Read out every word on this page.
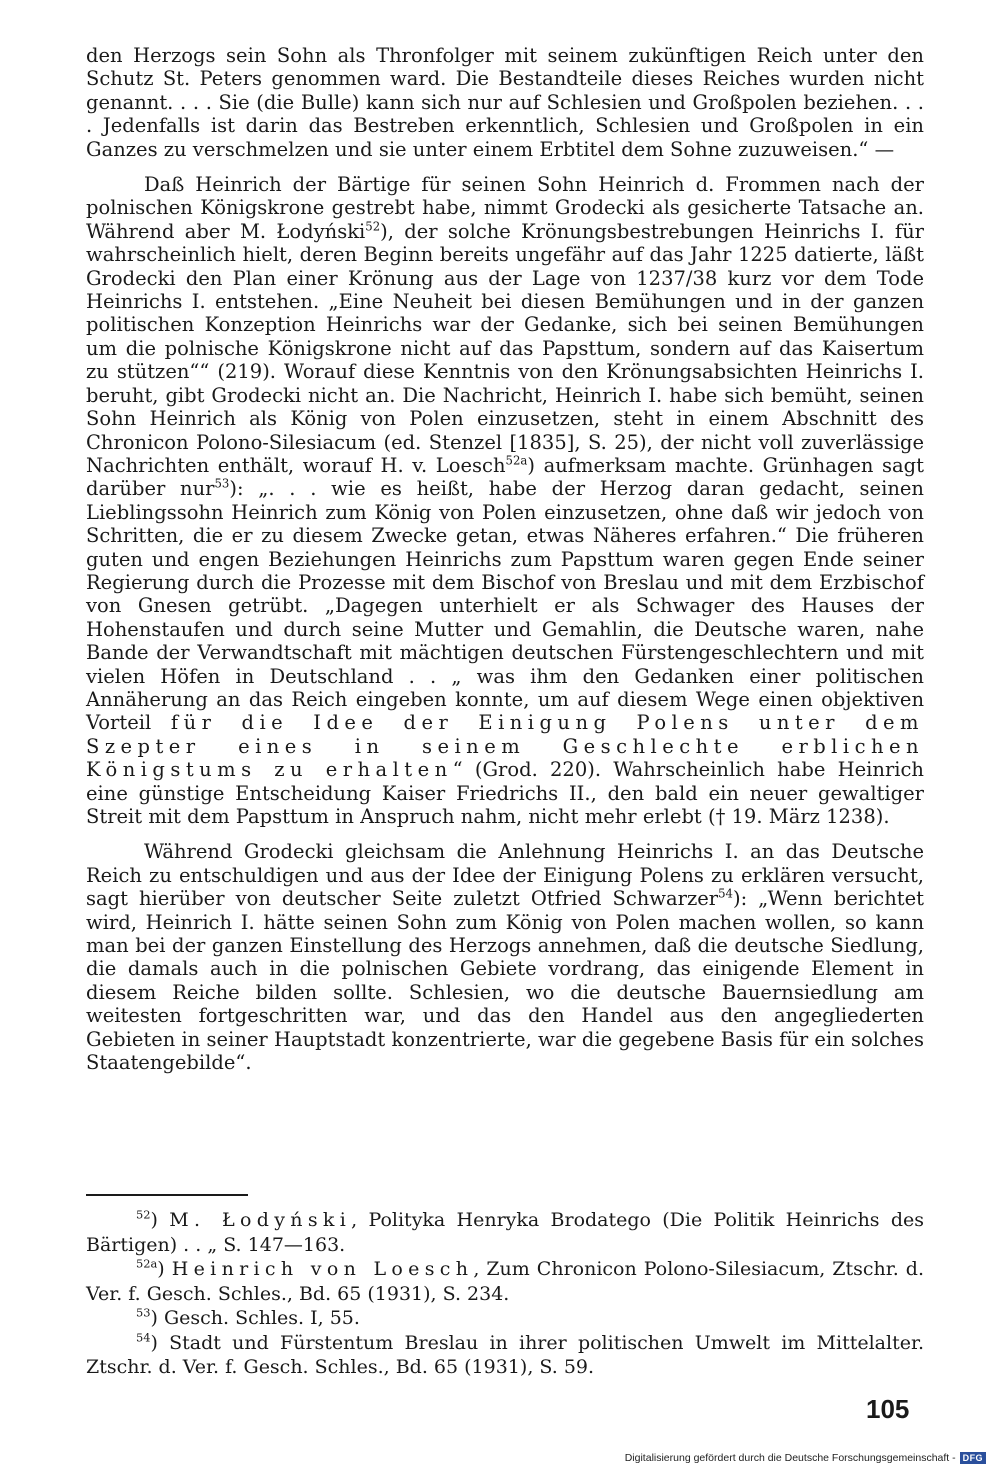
den Herzogs sein Sohn als Thronfolger mit seinem zukünftigen Reich unter den Schutz St. Peters genommen ward. Die Bestandteile dieses Reiches wurden nicht genannt. . . . Sie (die Bulle) kann sich nur auf Schlesien und Großpolen beziehen. . . . Jedenfalls ist darin das Bestreben erkenntlich, Schlesien und Großpolen in ein Ganzes zu verschmelzen und sie unter einem Erbtitel dem Sohne zuzuweisen.“ —

Daß Heinrich der Bärtige für seinen Sohn Heinrich d. Frommen nach der polnischen Königskrone gestrebt habe, nimmt Grodecki als gesicherte Tatsache an. Während aber M. Łodyński$^{52}$), der solche Krönungsbestrebungen Heinrichs I. für wahrscheinlich hielt, deren Beginn bereits ungefähr auf das Jahr 1225 datierte, läßt Grodecki den Plan einer Krönung aus der Lage von 1237/38 kurz vor dem Tode Heinrichs I. entstehen. „Eine Neuheit bei diesen Bemühungen und in der ganzen politischen Konzeption Heinrichs war der Gedanke, sich bei seinen Bemühungen um die polnische Königskrone nicht auf das Papsttum, sondern auf das Kaisertum zu stützen““ (219). Worauf diese Kenntnis von den Krönungsabsichten Heinrichs I. beruht, gibt Grodecki nicht an. Die Nachricht, Heinrich I. habe sich bemüht, seinen Sohn Heinrich als König von Polen einzusetzen, steht in einem Abschnitt des Chronicon Polono-Silesiacum (ed. Stenzel [1835], S. 25), der nicht voll zuverlässige Nachrichten enthält, worauf H. v. Loesch$^{52a}$) aufmerksam machte. Grünhagen sagt darüber nur$^{53}$): „. . . wie es heißt, habe der Herzog daran gedacht, seinen Lieblingssohn Heinrich zum König von Polen einzusetzen, ohne daß wir jedoch von Schritten, die er zu diesem Zwecke getan, etwas Näheres erfahren.“ Die früheren guten und engen Beziehungen Heinrichs zum Papsttum waren gegen Ende seiner Regierung durch die Prozesse mit dem Bischof von Breslau und mit dem Erzbischof von Gnesen getrübt. „Dagegen unterhielt er als Schwager des Hauses der Hohenstaufen und durch seine Mutter und Gemahlin, die Deutsche waren, nahe Bande der Verwandtschaft mit mächtigen deutschen Fürstengeschlechtern und mit vielen Höfen in Deutschland . . „ was ihm den Gedanken einer politischen Annäherung an das Reich eingeben konnte, um auf diesem Wege einen objektiven Vorteil für die Idee der Einigung Polens unter dem Szepter eines in seinem Geschlechte erblichen Königstums zu erhalten“ (Grod. 220). Wahrscheinlich habe Heinrich eine günstige Entscheidung Kaiser Friedrichs II., den bald ein neuer gewaltiger Streit mit dem Papsttum in Anspruch nahm, nicht mehr erlebt († 19. März 1238).

Während Grodecki gleichsam die Anlehnung Heinrichs I. an das Deutsche Reich zu entschuldigen und aus der Idee der Einigung Polens zu erklären versucht, sagt hierüber von deutscher Seite zuletzt Otfried Schwarzer$^{54}$): „Wenn berichtet wird, Heinrich I. hätte seinen Sohn zum König von Polen machen wollen, so kann man bei der ganzen Einstellung des Herzogs annehmen, daß die deutsche Siedlung, die damals auch in die polnischen Gebiete vordrang, das einigende Element in diesem Reiche bilden sollte. Schlesien, wo die deutsche Bauernsiedlung am weitesten fortgeschritten war, und das den Handel aus den angegliederten Gebieten in seiner Hauptstadt konzentrierte, war die gegebene Basis für ein solches Staatengebilde“.

$^{52}$) M. Łodyński, Polityka Henryka Brodatego (Die Politik Heinrichs des Bärtigen) . . „ S. 147—163.

$^{52a}$) Heinrich von Loesch, Zum Chronicon Polono-Silesiacum, Ztschr. d. Ver. f. Gesch. Schles., Bd. 65 (1931), S. 234.

$^{53}$) Gesch. Schles. I, 55.

$^{54}$) Stadt und Fürstentum Breslau in ihrer politischen Umwelt im Mittelalter. Ztschr. d. Ver. f. Gesch. Schles., Bd. 65 (1931), S. 59.

105
Digitalisierung gefördert durch die Deutsche Forschungsgemeinschaft - DFG
